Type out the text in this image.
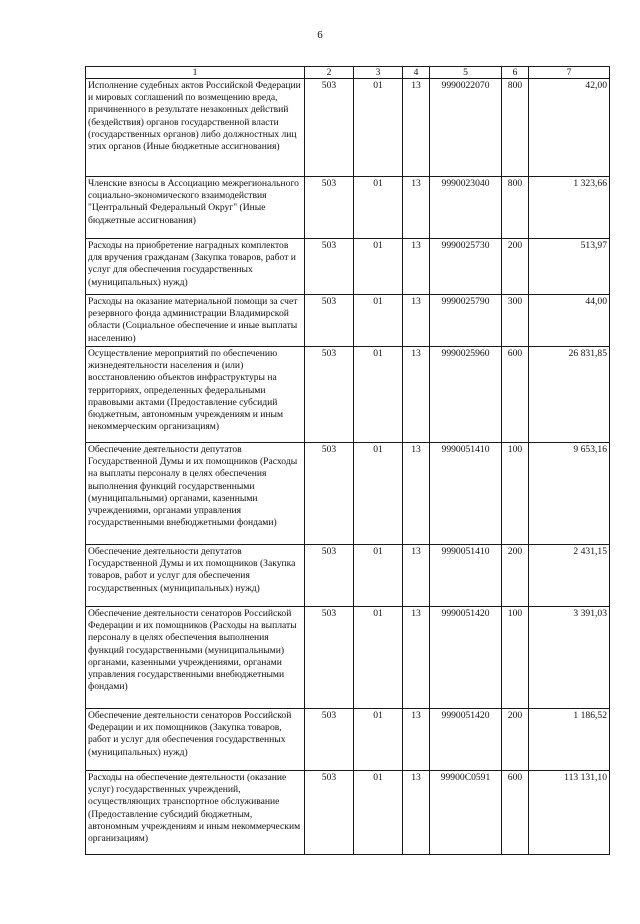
6
1	2	3	4	5	6	7
Исполнение судебных актов Российской Федерации и мировых соглашений по возмещению вреда, причиненного в результате незаконных действий (бездействия) органов государственной власти (государственных органов) либо должностных лиц этих органов (Иные бюджетные ассигнования)	503	01	13	9990022070	800	42,00
Членские взносы в Ассоциацию межрегионального социально-экономического взаимодействия "Центральный Федеральный Округ" (Иные бюджетные ассигнования)	503	01	13	9990023040	800	1 323,66
Расходы на приобретение наградных комплектов для вручения гражданам (Закупка товаров, работ и услуг для обеспечения государственных (муниципальных) нужд)	503	01	13	9990025730	200	513,97
Расходы на оказание материальной помощи за счет резервного фонда администрации Владимирской области (Социальное обеспечение и иные выплаты населению)	503	01	13	9990025790	300	44,00
Осуществление мероприятий по обеспечению жизнедеятельности населения и (или) восстановлению объектов инфраструктуры на территориях, определенных федеральными правовыми актами (Предоставление субсидий бюджетным, автономным учреждениям и иным некоммерческим организациям)	503	01	13	9990025960	600	26 831,85
Обеспечение деятельности депутатов Государственной Думы и их помощников (Расходы на выплаты персоналу в целях обеспечения выполнения функций государственными (муниципальными) органами, казенными учреждениями, органами управления государственными внебюджетными фондами)	503	01	13	9990051410	100	9 653,16
Обеспечение деятельности депутатов Государственной Думы и их помощников (Закупка товаров, работ и услуг для обеспечения государственных (муниципальных) нужд)	503	01	13	9990051410	200	2 431,15
Обеспечение деятельности сенаторов Российской Федерации и их помощников (Расходы на выплаты персоналу в целях обеспечения выполнения функций государственными (муниципальными) органами, казенными учреждениями, органами управления государственными внебюджетными фондами)	503	01	13	9990051420	100	3 391,03
Обеспечение деятельности сенаторов Российской Федерации и их помощников (Закупка товаров, работ и услуг для обеспечения государственных (муниципальных) нужд)	503	01	13	9990051420	200	1 186,52
Расходы на обеспечение деятельности (оказание услуг) государственных учреждений, осуществляющих транспортное обслуживание (Предоставление субсидий бюджетным, автономным учреждениям и иным некоммерческим организациям)	503	01	13	99900С0591	600	113 131,10
